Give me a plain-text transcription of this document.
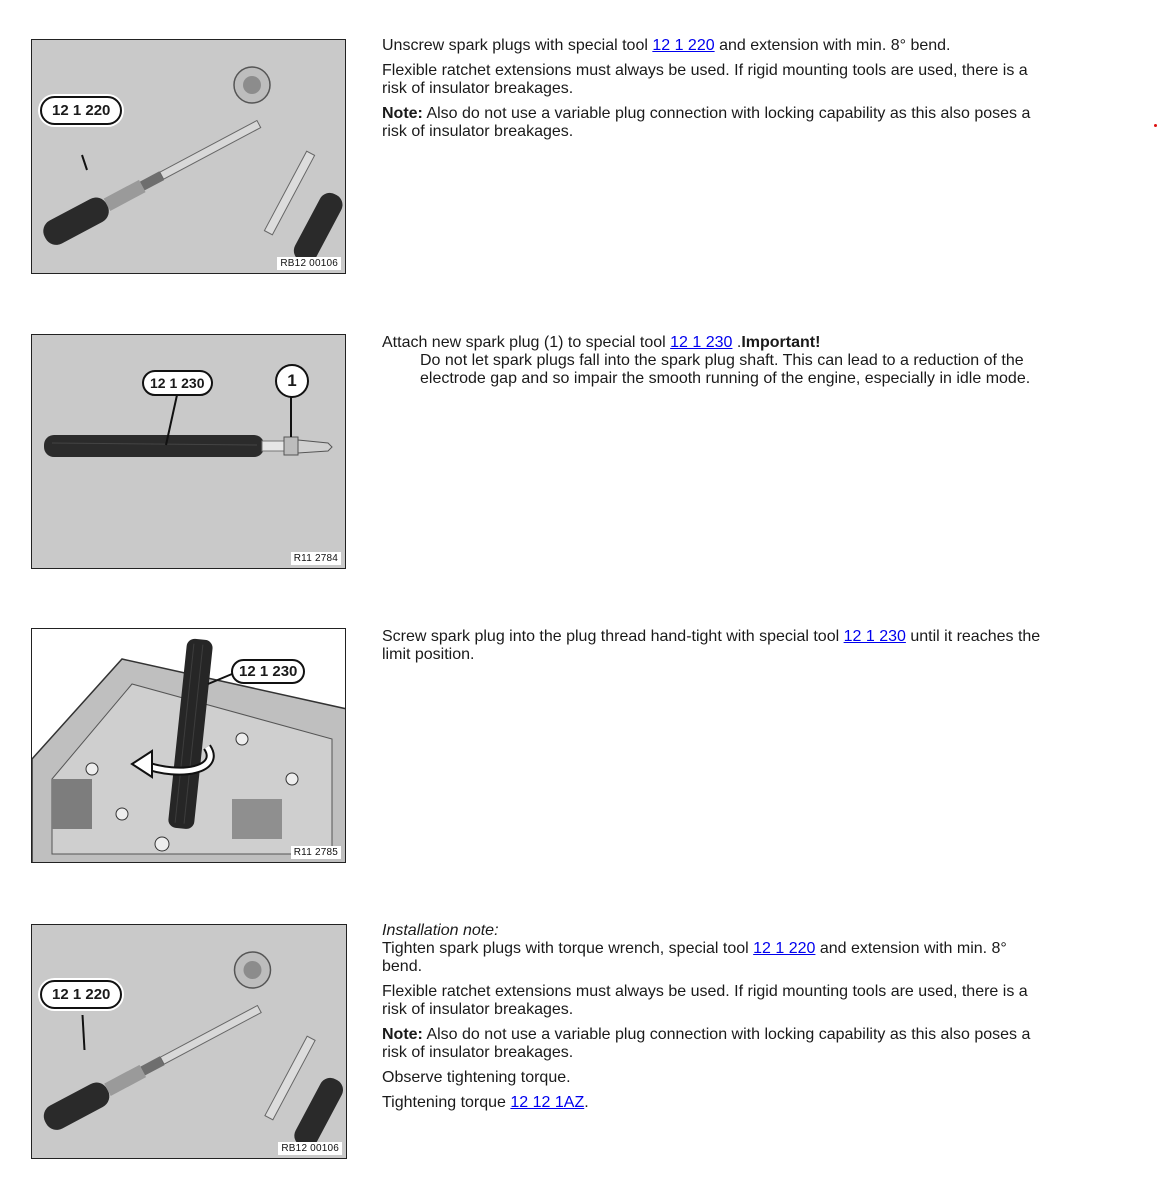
12 1 220
RB12 00106

Unscrew spark plugs with special tool 12 1 220 and extension with min. 8° bend.

Flexible ratchet extensions must always be used. If rigid mounting tools are used, there is a risk of insulator breakages.

Note: Also do not use a variable plug connection with locking capability as this also poses a risk of insulator breakages.

12 1 230	1
R11 2784

Attach new spark plug (1) to special tool 12 1 230 .Important!

Do not let spark plugs fall into the spark plug shaft. This can lead to a reduction of the electrode gap and so impair the smooth running of the engine, especially in idle mode.

12 1 230
R11 2785

Screw spark plug into the plug thread hand-tight with special tool 12 1 230 until it reaches the limit position.

12 1 220
RB12 00106

Installation note:

Tighten spark plugs with torque wrench, special tool 12 1 220 and extension with min. 8° bend.

Flexible ratchet extensions must always be used. If rigid mounting tools are used, there is a risk of insulator breakages.

Note: Also do not use a variable plug connection with locking capability as this also poses a risk of insulator breakages.

Observe tightening torque.

Tightening torque 12 12 1AZ.
